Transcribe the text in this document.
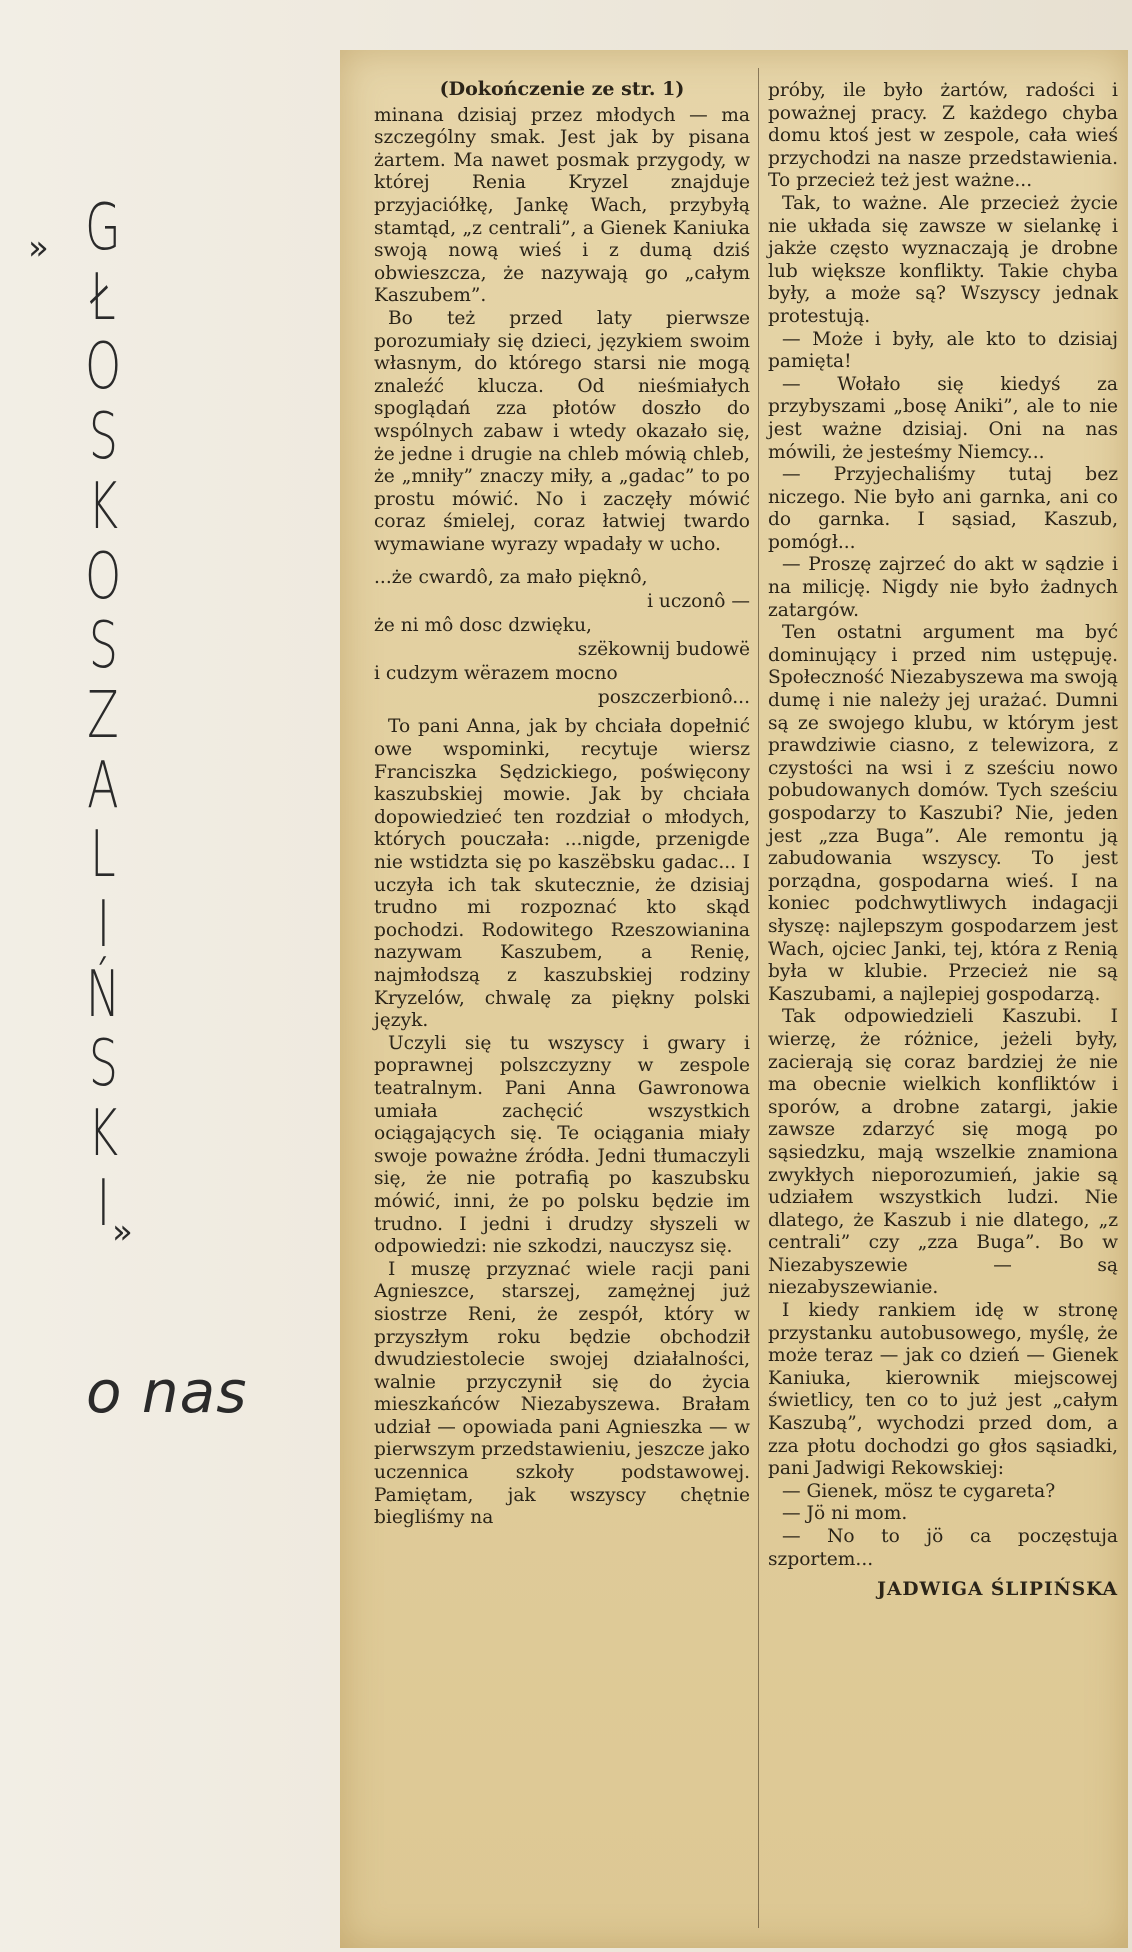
» G
Ł
O
S
K
O
S
Z
A
L
I
Ń
S
K
I »
o nas
(Dokończenie ze str. 1)

minana dzisiaj przez młodych — ma szczególny smak. Jest jak by pisana żartem. Ma nawet posmak przygody, w której Renia Kryzel znajduje przyjaciółkę, Jankę Wach, przybyłą stamtąd, „z centrali”, a Gienek Kaniuka swoją nową wieś i z dumą dziś obwieszcza, że nazywają go „całym Kaszubem”.

Bo też przed laty pierwsze porozumiały się dzieci, językiem swoim własnym, do którego starsi nie mogą znaleźć klucza. Od nieśmiałych spoglądań zza płotów doszło do wspólnych zabaw i wtedy okazało się, że jedne i drugie na chleb mówią chleb, że „mniły” znaczy miły, a „gadac” to po prostu mówić. No i zaczęły mówić coraz śmielej, coraz łatwiej twardo wymawiane wyrazy wpadały w ucho.

...że cwardô, za mało pięknô,
i uczonô —
że ni mô dosc dzwięku,
szëkownij budowë
i cudzym wërazem mocno
poszczerbionô...

To pani Anna, jak by chciała dopełnić owe wspominki, recytuje wiersz Franciszka Sędzickiego, poświęcony kaszubskiej mowie. Jak by chciała dopowiedzieć ten rozdział o młodych, których pouczała: ...nigde, przenigde nie wstidzta się po kaszëbsku gadac... I uczyła ich tak skutecznie, że dzisiaj trudno mi rozpoznać kto skąd pochodzi. Rodowitego Rzeszowianina nazywam Kaszubem, a Renię, najmłodszą z kaszubskiej rodziny Kryzelów, chwalę za piękny polski język.

Uczyli się tu wszyscy i gwary i poprawnej polszczyzny w zespole teatralnym. Pani Anna Gawronowa umiała zachęcić wszystkich ociągających się. Te ociągania miały swoje poważne źródła. Jedni tłumaczyli się, że nie potrafią po kaszubsku mówić, inni, że po polsku będzie im trudno. I jedni i drudzy słyszeli w odpowiedzi: nie szkodzi, nauczysz się.

I muszę przyznać wiele racji pani Agnieszce, starszej, zamężnej już siostrze Reni, że zespół, który w przyszłym roku będzie obchodził dwudziestolecie swojej działalności, walnie przyczynił się do życia mieszkańców Niezabyszewa. Brałam udział — opowiada pani Agnieszka — w pierwszym przedstawieniu, jeszcze jako uczennica szkoły podstawowej. Pamiętam, jak wszyscy chętnie biegliśmy na

próby, ile było żartów, radości i poważnej pracy. Z każdego chyba domu ktoś jest w zespole, cała wieś przychodzi na nasze przedstawienia. To przecież też jest ważne...

Tak, to ważne. Ale przecież życie nie układa się zawsze w sielankę i jakże często wyznaczają je drobne lub większe konflikty. Takie chyba były, a może są? Wszyscy jednak protestują.

— Może i były, ale kto to dzisiaj pamięta!

— Wołało się kiedyś za przybyszami „bosę Aniki”, ale to nie jest ważne dzisiaj. Oni na nas mówili, że jesteśmy Niemcy...

— Przyjechaliśmy tutaj bez niczego. Nie było ani garnka, ani co do garnka. I sąsiad, Kaszub, pomógł...

— Proszę zajrzeć do akt w sądzie i na milicję. Nigdy nie było żadnych zatargów.

Ten ostatni argument ma być dominujący i przed nim ustępuję. Społeczność Niezabyszewa ma swoją dumę i nie należy jej urażać. Dumni są ze swojego klubu, w którym jest prawdziwie ciasno, z telewizora, z czystości na wsi i z sześciu nowo pobudowanych domów. Tych sześciu gospodarzy to Kaszubi? Nie, jeden jest „zza Buga”. Ale remontu ją zabudowania wszyscy. To jest porządna, gospodarna wieś. I na koniec podchwytliwych indagacji słyszę: najlepszym gospodarzem jest Wach, ojciec Janki, tej, która z Renią była w klubie. Przecież nie są Kaszubami, a najlepiej gospodarzą.

Tak odpowiedzieli Kaszubi. I wierzę, że różnice, jeżeli były, zacierają się coraz bardziej że nie ma obecnie wielkich konfliktów i sporów, a drobne zatargi, jakie zawsze zdarzyć się mogą po sąsiedzku, mają wszelkie znamiona zwykłych nieporozumień, jakie są udziałem wszystkich ludzi. Nie dlatego, że Kaszub i nie dlatego, „z centrali” czy „zza Buga”. Bo w Niezabyszewie — są niezabyszewianie.

I kiedy rankiem idę w stronę przystanku autobusowego, myślę, że może teraz — jak co dzień — Gienek Kaniuka, kierownik miejscowej świetlicy, ten co to już jest „całym Kaszubą”, wychodzi przed dom, a zza płotu dochodzi go głos sąsiadki, pani Jadwigi Rekowskiej:

— Gienek, mösz te cygareta?

— Jö ni mom.

— No to jö ca poczęstuja szportem...

JADWIGA ŚLIPIŃSKA
